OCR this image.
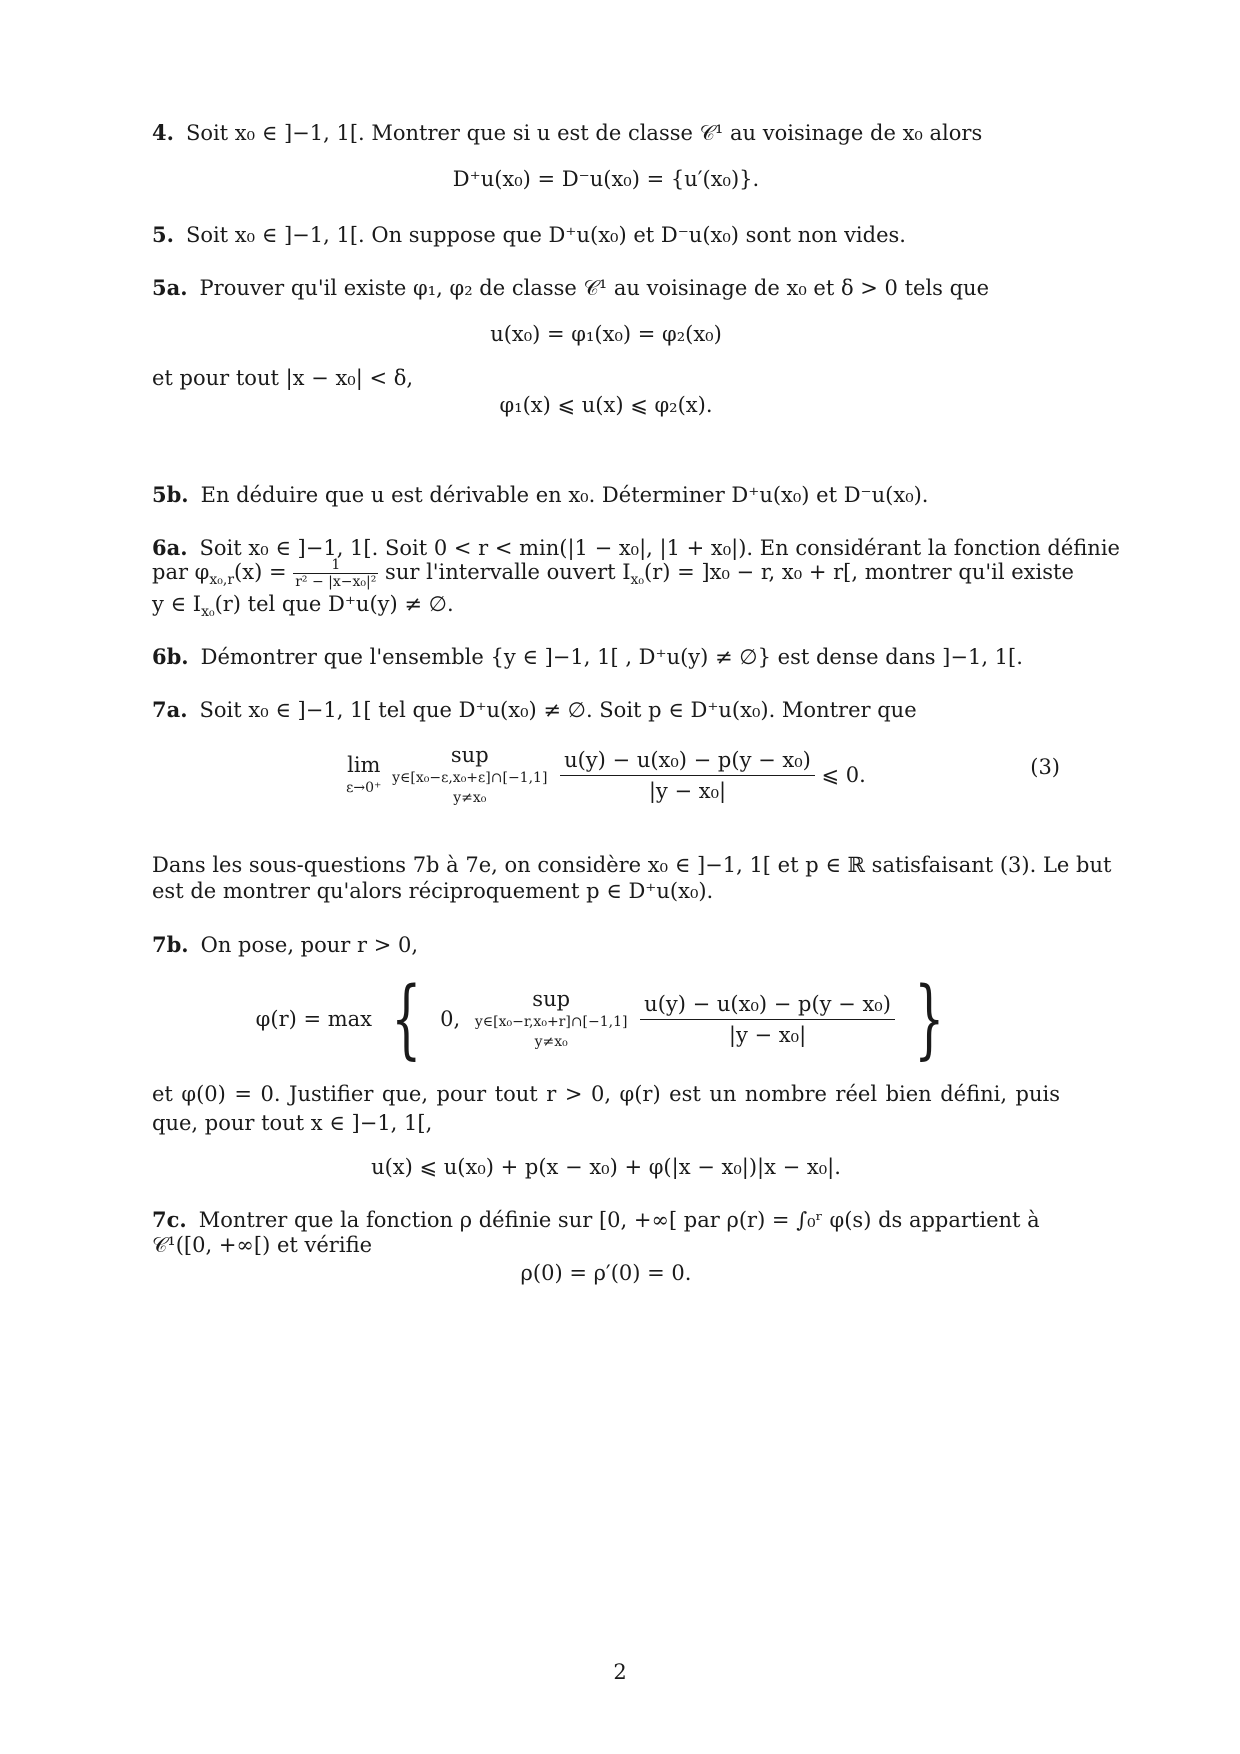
4. Soit x₀ ∈ ]−1, 1[. Montrer que si u est de classe 𝒞¹ au voisinage de x₀ alors
D⁺u(x₀) = D⁻u(x₀) = {u′(x₀)}.
5. Soit x₀ ∈ ]−1, 1[. On suppose que D⁺u(x₀) et D⁻u(x₀) sont non vides.
5a. Prouver qu'il existe φ₁, φ₂ de classe 𝒞¹ au voisinage de x₀ et δ > 0 tels que
u(x₀) = φ₁(x₀) = φ₂(x₀)
et pour tout |x − x₀| < δ,
φ₁(x) ⩽ u(x) ⩽ φ₂(x).
5b. En déduire que u est dérivable en x₀. Déterminer D⁺u(x₀) et D⁻u(x₀).
6a. Soit x₀ ∈ ]−1, 1[. Soit 0 < r < min(|1 − x₀|, |1 + x₀|). En considérant la fonction définie
par $\varphi_{x_0,r}(x) = \frac{1}{\text{r² − |x−x₀|²}}$ sur l'intervalle ouvert $I_{x_0}(r) = ]x_0 - r$, x₀ + r[, montrer qu'il existe
y ∈ $I_{x_0}(r)$ tel que D⁺u(y) ≠ ∅.
6b. Démontrer que l'ensemble {y ∈ ]−1, 1[ , D⁺u(y) ≠ ∅} est dense dans ]−1, 1[.
7a. Soit x₀ ∈ ]−1, 1[ tel que D⁺u(x₀) ≠ ∅. Soit p ∈ D⁺u(x₀). Montrer que
lim
ε→0⁺

sup
y∈[x₀−ε,x₀+ε]∩[−1,1]
y≠x₀
	$\frac{\text{u(y) − u(x₀) − p(y − x₀)}}{\text{|y − x₀|}}$ ⩽ 0.	(3)
Dans les sous-questions 7b à 7e, on considère x₀ ∈ ]−1, 1[ et p ∈ ℝ satisfaisant (3). Le but
est de montrer qu'alors réciproquement p ∈ D⁺u(x₀).
7b. On pose, pour r > 0,
φ(r) = max { 0,
sup
y∈[x₀−r,x₀+r]∩[−1,1]
y≠x₀
	$\frac{\text{u(y) − u(x₀) − p(y − x₀)}}{\text{|y − x₀|}}$ }
et φ(0) = 0. Justifier que, pour tout r > 0, φ(r) est un nombre réel bien défini, puis que, pour tout x ∈ ]−1, 1[,
u(x) ⩽ u(x₀) + p(x − x₀) + φ(|x − x₀|)|x − x₀|.
7c. Montrer que la fonction ρ définie sur [0, +∞[ par ρ(r) = ∫₀ʳ φ(s) ds appartient à
𝒞¹([0, +∞[) et vérifie
ρ(0) = ρ′(0) = 0.
2
